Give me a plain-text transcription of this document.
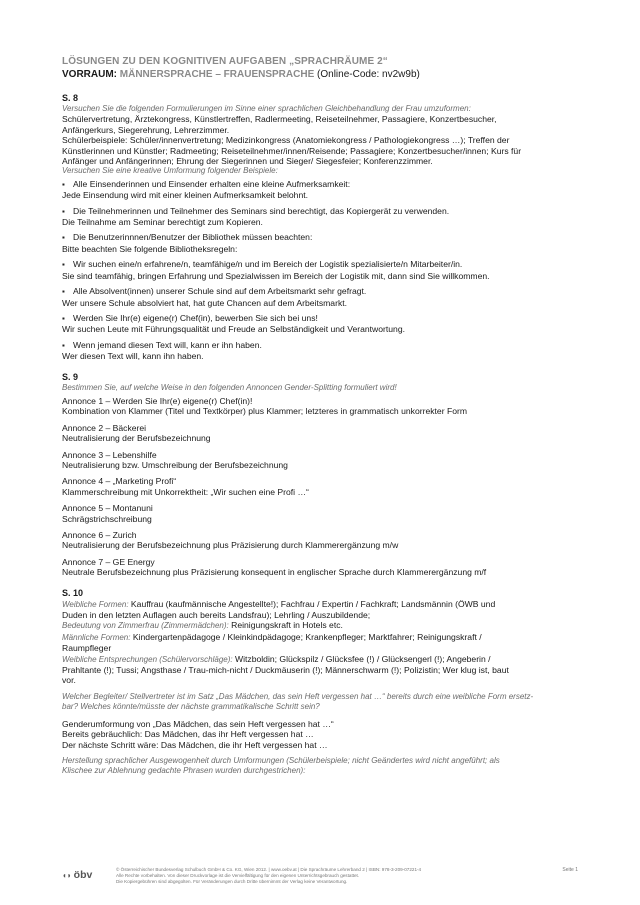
LÖSUNGEN ZU DEN KOGNITIVEN AUFGABEN „SPRACHRÄUME 2“
VORRAUM: MÄNNERSPRACHE – FRAUENSPRACHE (Online-Code: nv2w9b)
S. 8
Versuchen Sie die folgenden Formulierungen im Sinne einer sprachlichen Gleichbehandlung der Frau umzuformen:
Schülervertretung, Ärztekongress, Künstlertreffen, Radlermeeting, Reiseteilnehmer, Passagiere, Konzertbesucher,
Anfängerkurs, Siegerehrung, Lehrerzimmer.
Schülerbeispiele: Schüler/innenvertretung; Medizinkongress (Anatomiekongress / Pathologiekongress …); Treffen der
Künstlerinnen und Künstler; Radmeeting; Reiseteilnehmer/innen/Reisende; Passagiere; Konzertbesucher/innen; Kurs für
Anfänger und Anfängerinnen; Ehrung der Siegerinnen und Sieger/ Siegesfeier; Konferenzzimmer.
Versuchen Sie eine kreative Umformung folgender Beispiele:
▪ Alle Einsenderinnen und Einsender erhalten eine kleine Aufmerksamkeit:
Jede Einsendung wird mit einer kleinen Aufmerksamkeit belohnt.
▪ Die Teilnehmerinnen und Teilnehmer des Seminars sind berechtigt, das Kopiergerät zu verwenden.
Die Teilnahme am Seminar berechtigt zum Kopieren.
▪ Die Benutzerinnnen/Benutzer der Bibliothek müssen beachten:
Bitte beachten Sie folgende Bibliotheksregeln:
▪ Wir suchen eine/n erfahrene/n, teamfähige/n und im Bereich der Logistik spezialisierte/n Mitarbeiter/in.
Sie sind teamfähig, bringen Erfahrung und Spezialwissen im Bereich der Logistik mit, dann sind Sie willkommen.
▪ Alle Absolvent(innen) unserer Schule sind auf dem Arbeitsmarkt sehr gefragt.
Wer unsere Schule absolviert hat, hat gute Chancen auf dem Arbeitsmarkt.
▪ Werden Sie Ihr(e) eigene(r) Chef(in), bewerben Sie sich bei uns!
Wir suchen Leute mit Führungsqualität und Freude an Selbständigkeit und Verantwortung.
▪ Wenn jemand diesen Text will, kann er ihn haben.
Wer diesen Text will, kann ihn haben.
S. 9
Bestimmen Sie, auf welche Weise in den folgenden Annoncen Gender-Splitting formuliert wird!
Annonce 1 – Werden Sie Ihr(e) eigene(r) Chef(in)!
Kombination von Klammer (Titel und Textkörper) plus Klammer; letzteres in grammatisch unkorrekter Form
Annonce 2 – Bäckerei
Neutralisierung der Berufsbezeichnung
Annonce 3 – Lebenshilfe
Neutralisierung bzw. Umschreibung der Berufsbezeichnung
Annonce 4 – „Marketing Profi“
Klammerschreibung mit Unkorrektheit: „Wir suchen eine Profi …“
Annonce 5 – Montanuni
Schrägstrichschreibung
Annonce 6 – Zurich
Neutralisierung der Berufsbezeichnung plus Präzisierung durch Klammerergänzung m/w
Annonce 7 – GE Energy
Neutrale Berufsbezeichnung plus Präzisierung konsequent in englischer Sprache durch Klammerergänzung m/f
S. 10
Weibliche Formen: Kauffrau (kaufmännische Angestellte!); Fachfrau / Expertin / Fachkraft; Landsmännin (ÖWB und
Duden in den letzten Auflagen auch bereits Landsfrau); Lehrling / Auszubildende;
Bedeutung von Zimmerfrau (Zimmermädchen): Reinigungskraft in Hotels etc.
Männliche Formen: Kindergartenpädagoge / Kleinkindpädagoge; Krankenpfleger; Marktfahrer; Reinigungskraft /
Raumpfleger
Weibliche Entsprechungen (Schülervorschläge): Witzboldin; Glückspilz / Glücksfee (!) / Glücksengerl (!); Angeberin /
Prahltante (!); Tussi; Angsthase / Trau-mich-nicht / Duckmäuserin (!); Männerschwarm (!); Polizistin; Wer klug ist, baut
vor.
Welcher Begleiter/ Stellvertreter ist im Satz „Das Mädchen, das sein Heft vergessen hat …“ bereits durch eine weibliche Form ersetz-
bar? Welches könnte/müsste der nächste grammatikalische Schritt sein?
Genderumformung von „Das Mädchen, das sein Heft vergessen hat …“
Bereits gebräuchlich: Das Mädchen, das ihr Heft vergessen hat …
Der nächste Schritt wäre: Das Mädchen, die ihr Heft vergessen hat …
Herstellung sprachlicher Ausgewogenheit durch Umformungen (Schülerbeispiele; nicht Geändertes wird nicht angeführt; als
Klischee zur Ablehnung gedachte Phrasen wurden durchgestrichen):
◖◗ öbv	© Österreichischer Bundesverlag Schulbuch GmbH & Co. KG, Wien 2012. | www.oebv.at | Die Sprachräume Lehrerband 2 | ISBN: 978-3-209-07221-4
Alle Rechte vorbehalten. Von dieser Druckvorlage ist die Vervielfältigung für den eigenen Unterrichtsgebrauch gestattet.
Die Kopiergebühren sind abgegolten. Für Veränderungen durch Dritte übernimmt der Verlag keine Verantwortung.
Seite 1
